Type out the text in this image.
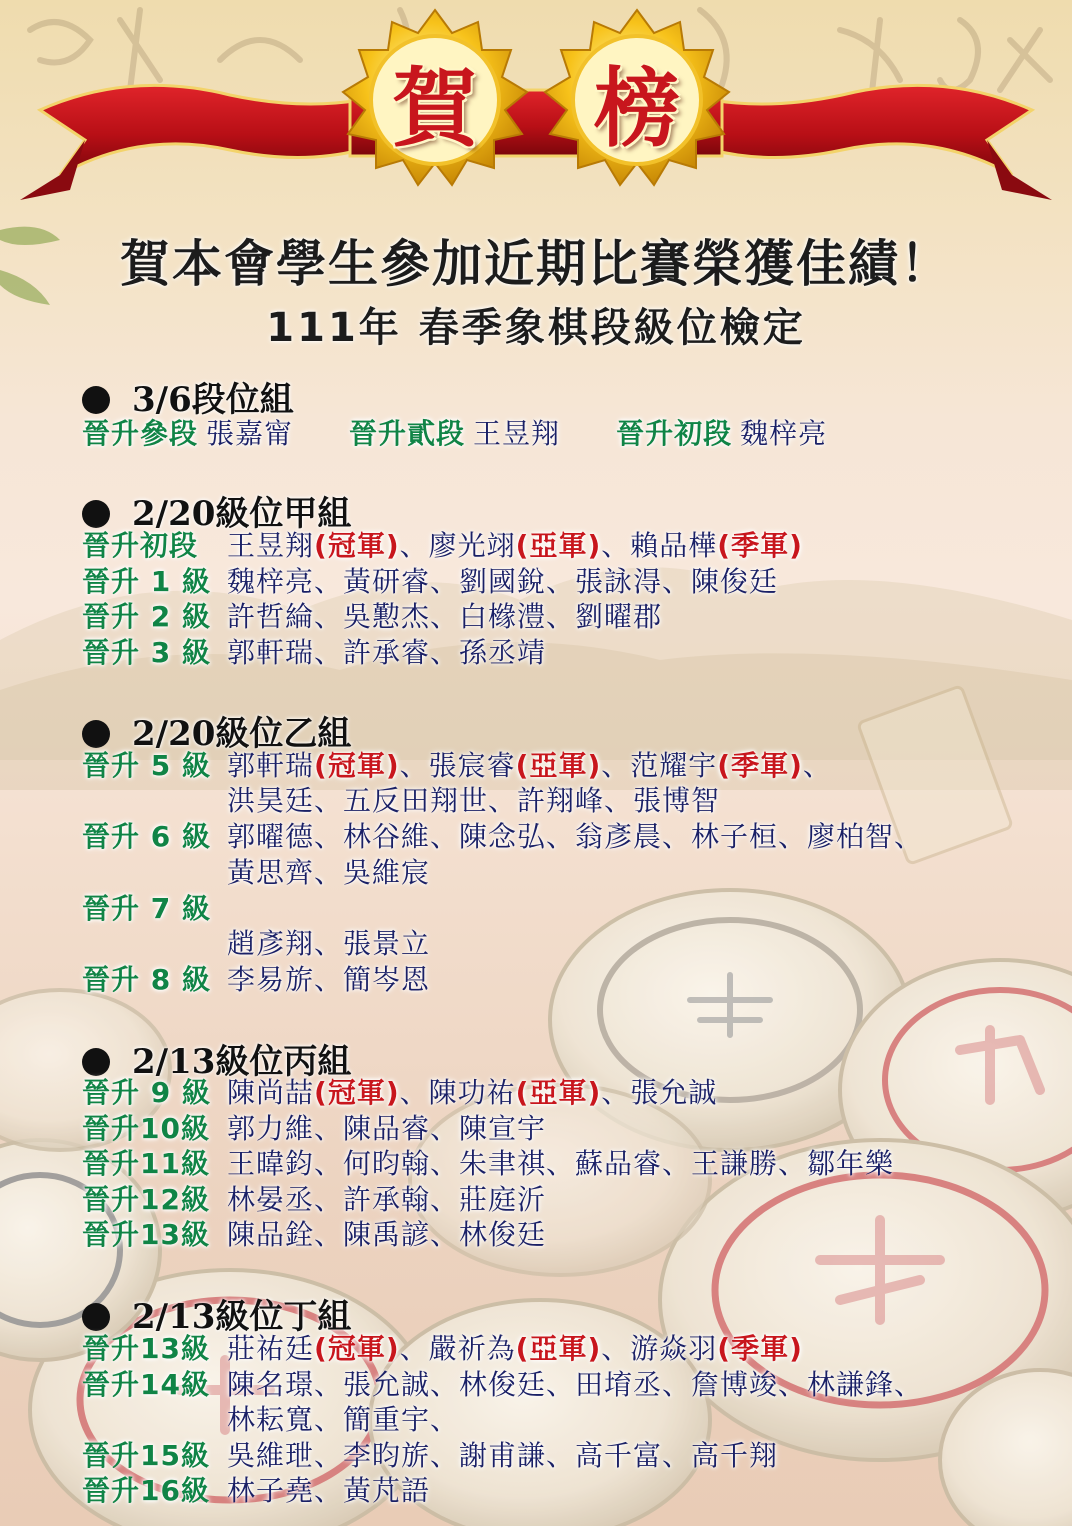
賀 榜
賀本會學生參加近期比賽榮獲佳績！
111年 春季象棋段級位檢定
3/6段位組
晉升參段 張嘉甯 晉升貳段 王昱翔 晉升初段 魏梓亮
2/20級位甲組
晉升初段 王昱翔(冠軍)、廖光翊(亞軍)、賴品樺(季軍)
晉升 1 級 魏梓亮、黃研睿、劉國銳、張詠淂、陳俊廷
晉升 2 級 許哲綸、吳懃杰、白橼澧、劉曜郡
晉升 3 級 郭軒瑞、許承睿、孫丞靖
2/20級位乙組
晉升 5 級 郭軒瑞(冠軍)、張宸睿(亞軍)、范耀宇(季軍)、
洪昊廷、五反田翔世、許翔峰、張博智
晉升 6 級 郭曜德、林谷維、陳念弘、翁彥晨、林子桓、廖柏智、
黃思齊、吳維宸
晉升 7 級
趙彥翔、張景立
晉升 8 級 李易旂、簡岑恩
2/13級位丙組
晉升 9 級 陳尚喆(冠軍)、陳功祐(亞軍)、張允誠
晉升10級 郭力維、陳品睿、陳宣宇
晉升11級 王暐鈞、何昀翰、朱聿祺、蘇品睿、王謙勝、鄒年樂
晉升12級 林晏丞、許承翰、莊庭沂
晉升13級 陳品銓、陳禹諺、林俊廷
2/13級位丁組
晉升13級 莊祐廷(冠軍)、嚴祈為(亞軍)、游焱羽(季軍)
晉升14級 陳名璟、張允誠、林俊廷、田堉丞、詹博竣、林謙鋒、
林耘寬、簡重宇、
晉升15級 吳維玴、李昀旂、謝甫謙、高千富、高千翔
晉升16級 林子堯、黃芃語
